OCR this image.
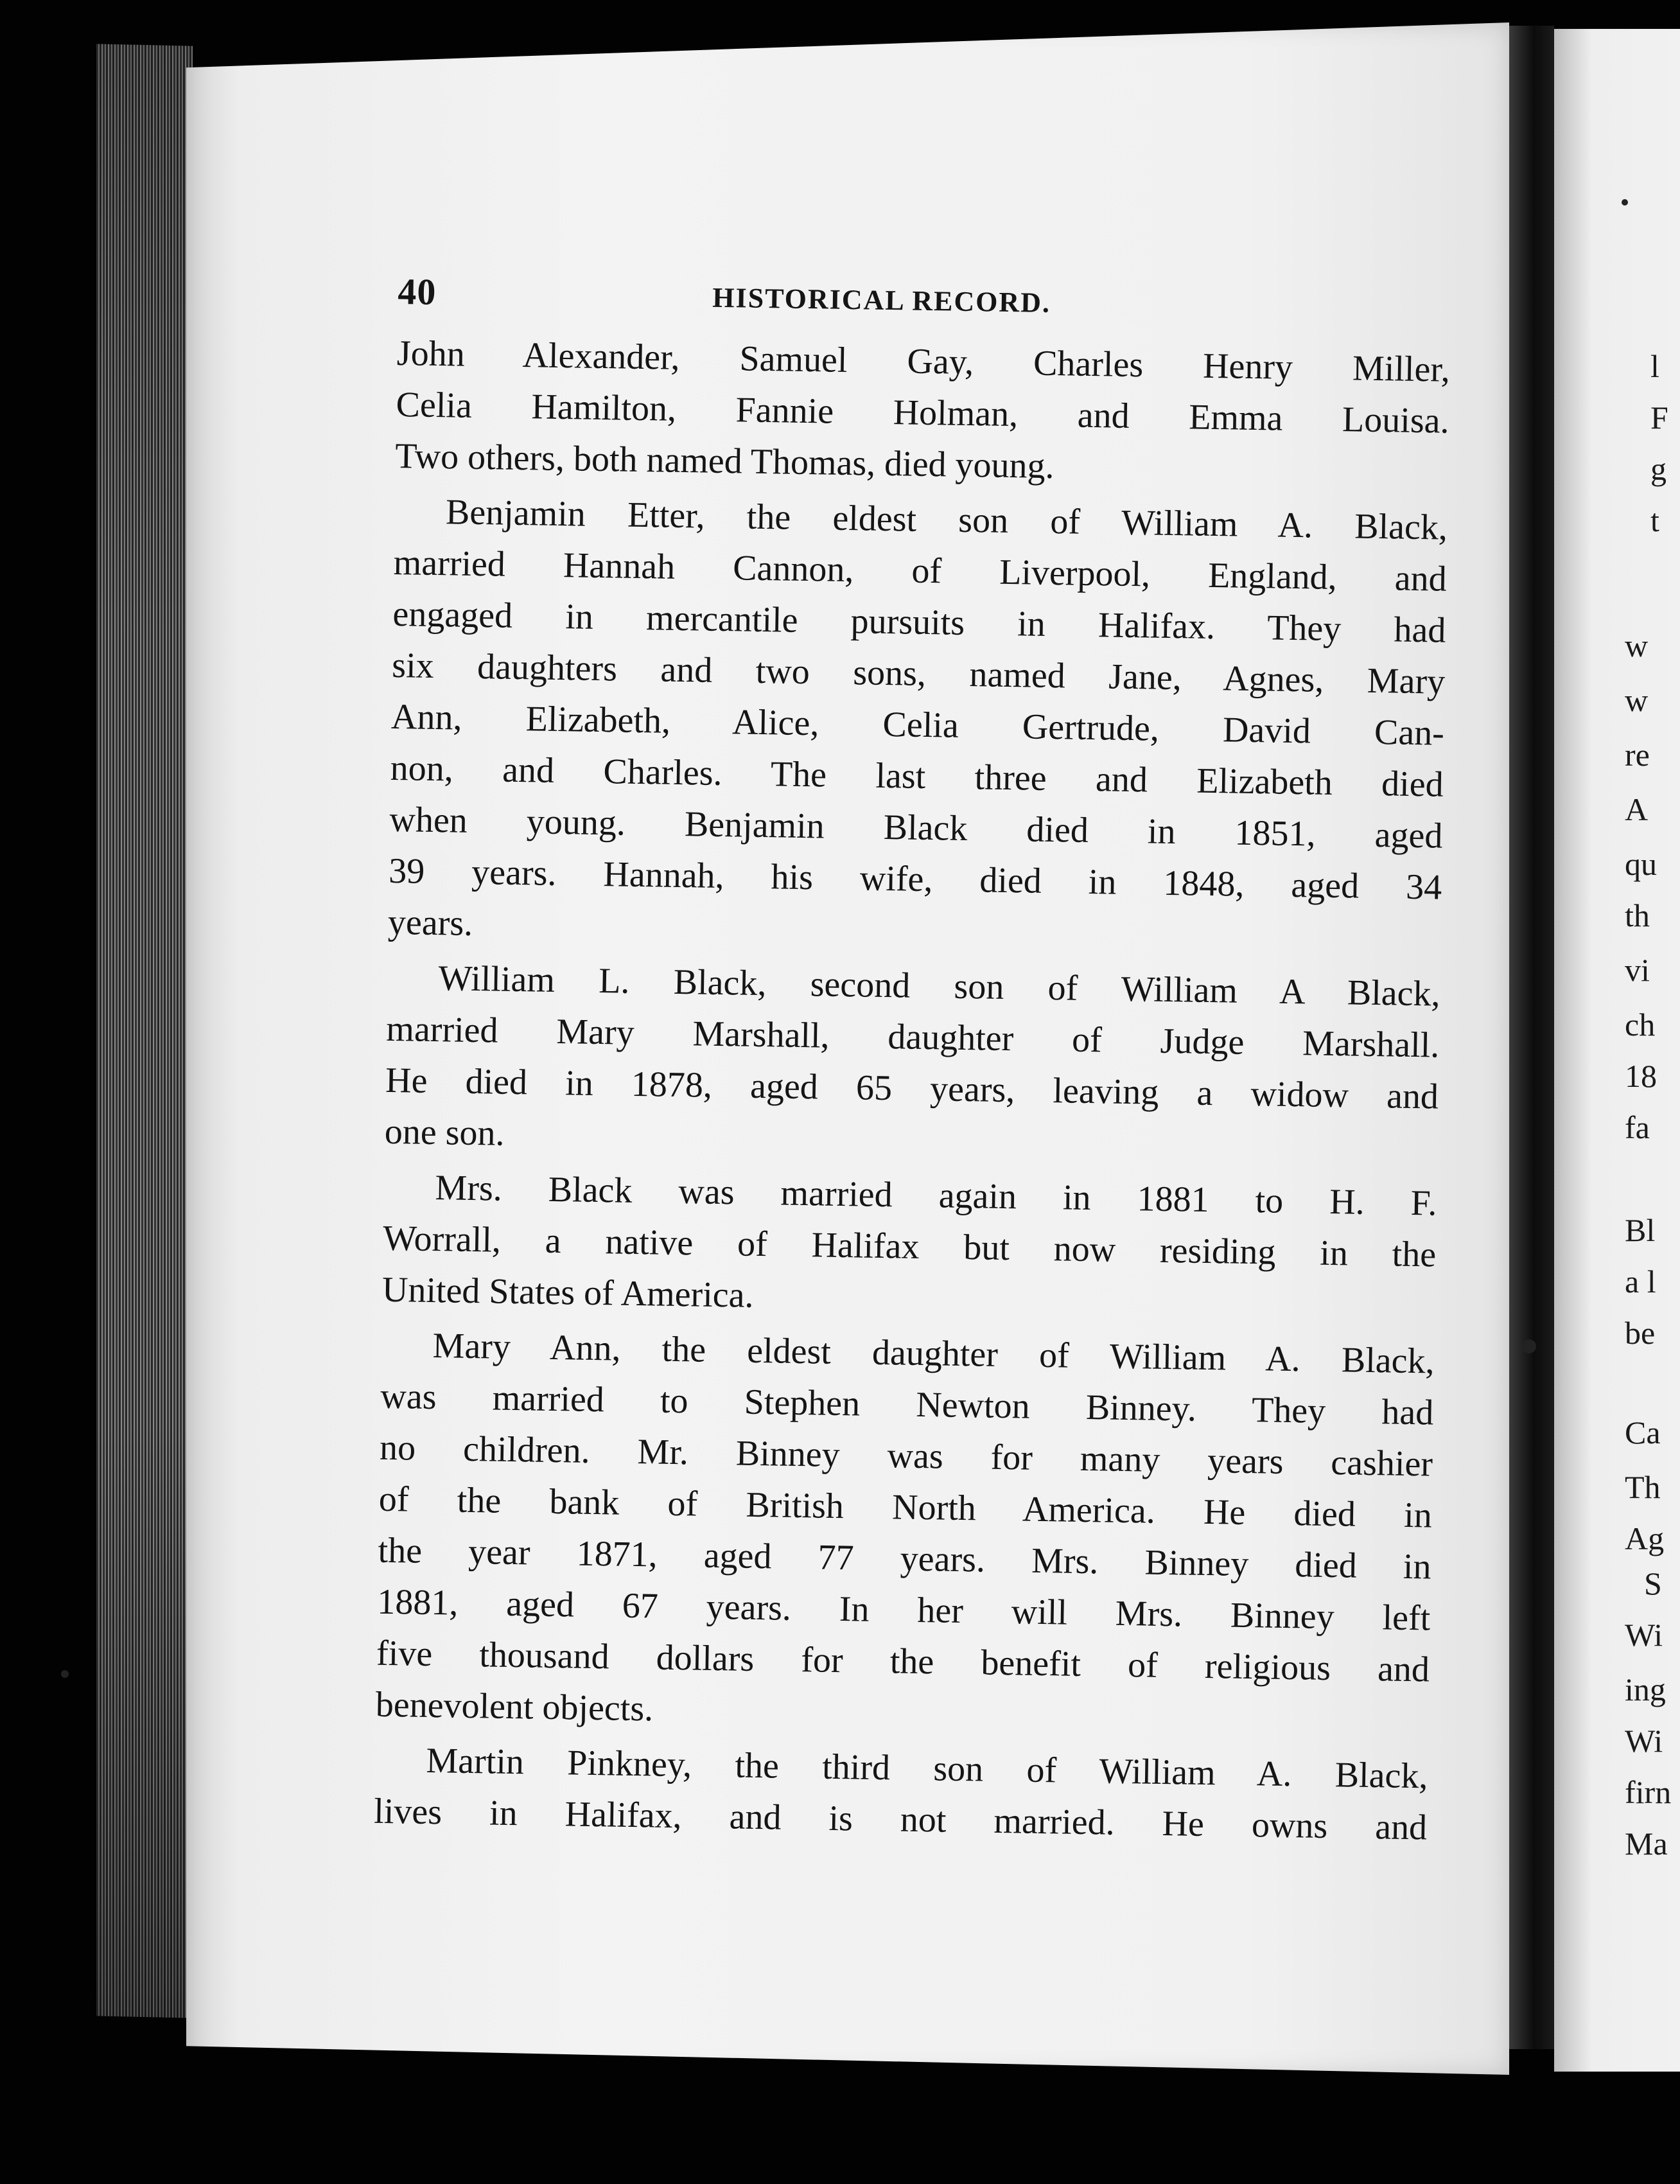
l
F
g
t
w
w
re
A
qu
th
vi
ch
18
fa
Bl
a l
be
Ca
Th
Ag
S
Wi
ing
Wi
firn
Ma
40	HISTORICAL RECORD.
John Alexander, Samuel Gay, Charles Henry Miller,
Celia Hamilton, Fannie Holman, and Emma Louisa.
Two others, both named Thomas, died young.
Benjamin Etter, the eldest son of William A. Black,
married Hannah Cannon, of Liverpool, England, and
engaged in mercantile pursuits in Halifax. They had
six daughters and two sons, named Jane, Agnes, Mary
Ann, Elizabeth, Alice, Celia Gertrude, David Can-
non, and Charles. The last three and Elizabeth died
when young. Benjamin Black died in 1851, aged
39 years. Hannah, his wife, died in 1848, aged 34
years.
William L. Black, second son of William A Black,
married Mary Marshall, daughter of Judge Marshall.
He died in 1878, aged 65 years, leaving a widow and
one son.
Mrs. Black was married again in 1881 to H. F.
Worrall, a native of Halifax but now residing in the
United States of America.
Mary Ann, the eldest daughter of William A. Black,
was married to Stephen Newton Binney. They had
no children. Mr. Binney was for many years cashier
of the bank of British North America. He died in
the year 1871, aged 77 years. Mrs. Binney died in
1881, aged 67 years. In her will Mrs. Binney left
five thousand dollars for the benefit of religious and
benevolent objects.
Martin Pinkney, the third son of William A. Black,
lives in Halifax, and is not married. He owns and
